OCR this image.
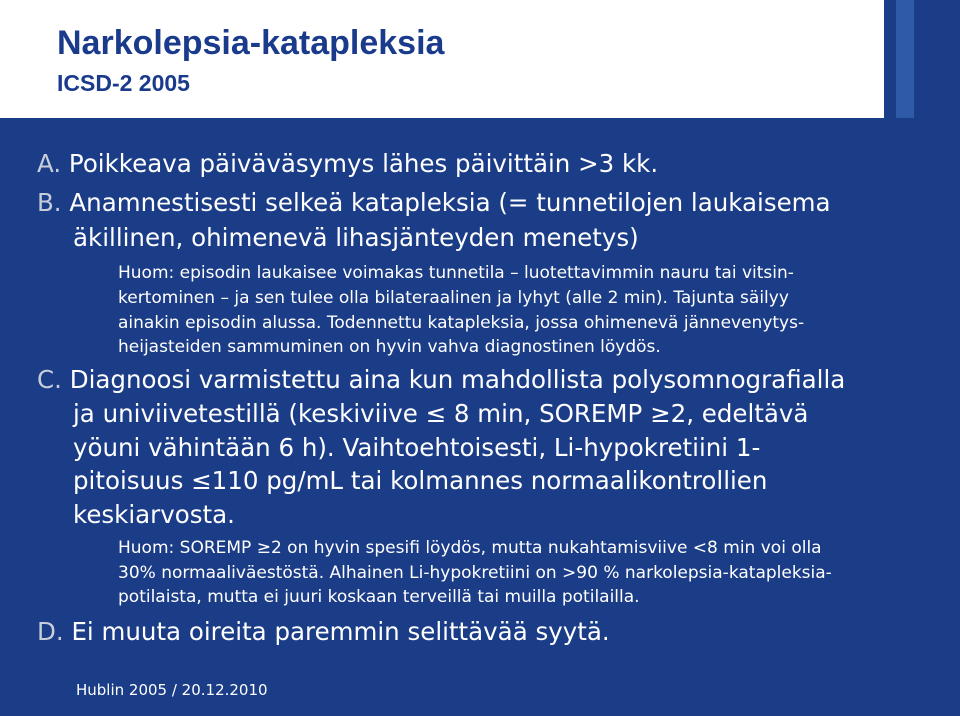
Narkolepsia-katapleksia
ICSD-2 2005

A. Poikkeava päiväväsymys lähes päivittäin >3 kk.

B. Anamnestisesti selkeä katapleksia (= tunnetilojen laukaisema

äkillinen, ohimenevä lihasjänteyden menetys)

Huom: episodin laukaisee voimakas tunnetila – luotettavimmin nauru tai vitsin-

kertominen – ja sen tulee olla bilateraalinen ja lyhyt (alle 2 min). Tajunta säilyy

ainakin episodin alussa. Todennettu katapleksia, jossa ohimenevä jännevenytys-

heijasteiden sammuminen on hyvin vahva diagnostinen löydös.

C. Diagnoosi varmistettu aina kun mahdollista polysomnografialla

ja univiivetestillä (keskiviive ≤ 8 min, SOREMP ≥2, edeltävä

yöuni vähintään 6 h). Vaihtoehtoisesti, Li-hypokretiini 1-

pitoisuus ≤110 pg/mL tai kolmannes normaalikontrollien

keskiarvosta.

Huom: SOREMP ≥2 on hyvin spesifi löydös, mutta nukahtamisviive <8 min voi olla

30% normaaliväestöstä. Alhainen Li-hypokretiini on >90 % narkolepsia-katapleksia-

potilaista, mutta ei juuri koskaan terveillä tai muilla potilailla.

D. Ei muuta oireita paremmin selittävää syytä.

Hublin 2005 / 20.12.2010
